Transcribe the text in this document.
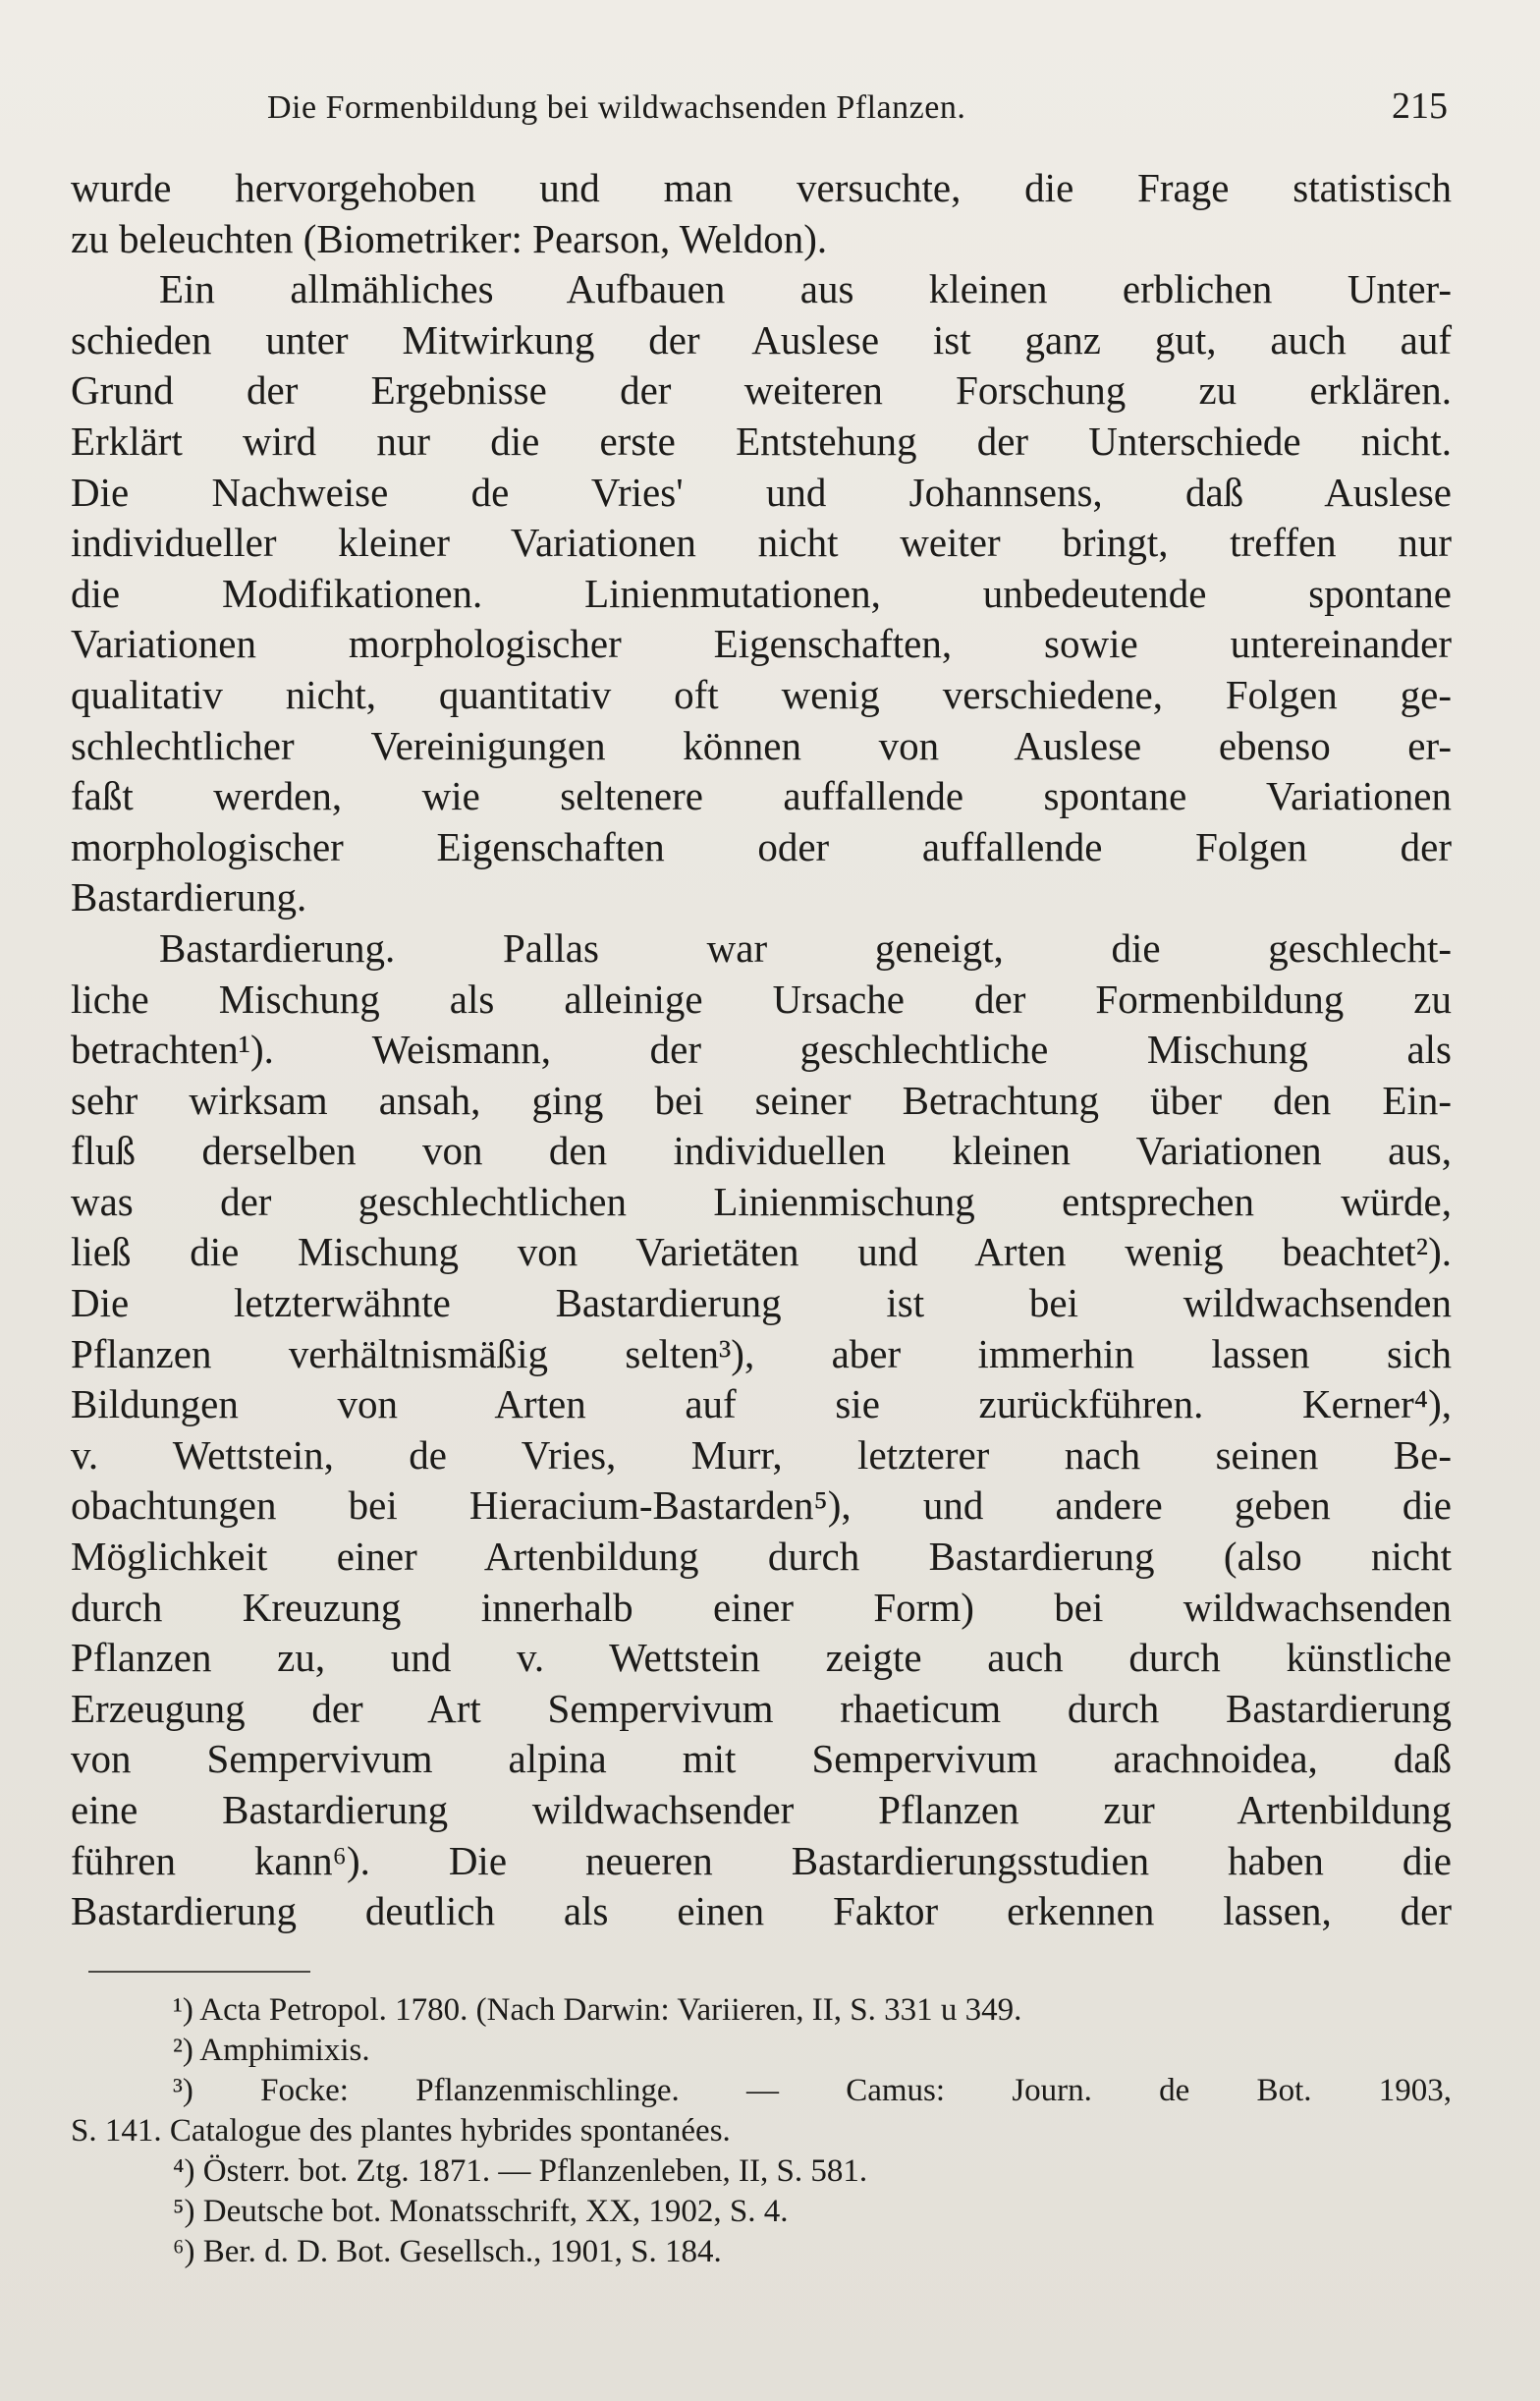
Die Formenbildung bei wildwachsenden Pflanzen.	215
wurde hervorgehoben und man versuchte, die Frage statistisch
zu beleuchten (Biometriker: Pearson, Weldon).
Ein allmähliches Aufbauen aus kleinen erblichen Unter-
schieden unter Mitwirkung der Auslese ist ganz gut, auch auf
Grund der Ergebnisse der weiteren Forschung zu erklären.
Erklärt wird nur die erste Entstehung der Unterschiede nicht.
Die Nachweise de Vries' und Johannsens, daß Auslese
individueller kleiner Variationen nicht weiter bringt, treffen nur
die Modifikationen. Linienmutationen, unbedeutende spontane
Variationen morphologischer Eigenschaften, sowie untereinander
qualitativ nicht, quantitativ oft wenig verschiedene, Folgen ge-
schlechtlicher Vereinigungen können von Auslese ebenso er-
faßt werden, wie seltenere auffallende spontane Variationen
morphologischer Eigenschaften oder auffallende Folgen der
Bastardierung.
Bastardierung. Pallas war geneigt, die geschlecht-
liche Mischung als alleinige Ursache der Formenbildung zu
betrachten¹). Weismann, der geschlechtliche Mischung als
sehr wirksam ansah, ging bei seiner Betrachtung über den Ein-
fluß derselben von den individuellen kleinen Variationen aus,
was der geschlechtlichen Linienmischung entsprechen würde,
ließ die Mischung von Varietäten und Arten wenig beachtet²).
Die letzterwähnte Bastardierung ist bei wildwachsenden
Pflanzen verhältnismäßig selten³), aber immerhin lassen sich
Bildungen von Arten auf sie zurückführen. Kerner⁴),
v. Wettstein, de Vries, Murr, letzterer nach seinen Be-
obachtungen bei Hieracium-Bastarden⁵), und andere geben die
Möglichkeit einer Artenbildung durch Bastardierung (also nicht
durch Kreuzung innerhalb einer Form) bei wildwachsenden
Pflanzen zu, und v. Wettstein zeigte auch durch künstliche
Erzeugung der Art Sempervivum rhaeticum durch Bastardierung
von Sempervivum alpina mit Sempervivum arachnoidea, daß
eine Bastardierung wildwachsender Pflanzen zur Artenbildung
führen kann⁶). Die neueren Bastardierungsstudien haben die
Bastardierung deutlich als einen Faktor erkennen lassen, der
¹) Acta Petropol. 1780. (Nach Darwin: Variieren, II, S. 331 u 349.
²) Amphimixis.
³) Focke: Pflanzenmischlinge. — Camus: Journ. de Bot. 1903,
S. 141. Catalogue des plantes hybrides spontanées.
⁴) Österr. bot. Ztg. 1871. — Pflanzenleben, II, S. 581.
⁵) Deutsche bot. Monatsschrift, XX, 1902, S. 4.
⁶) Ber. d. D. Bot. Gesellsch., 1901, S. 184.
